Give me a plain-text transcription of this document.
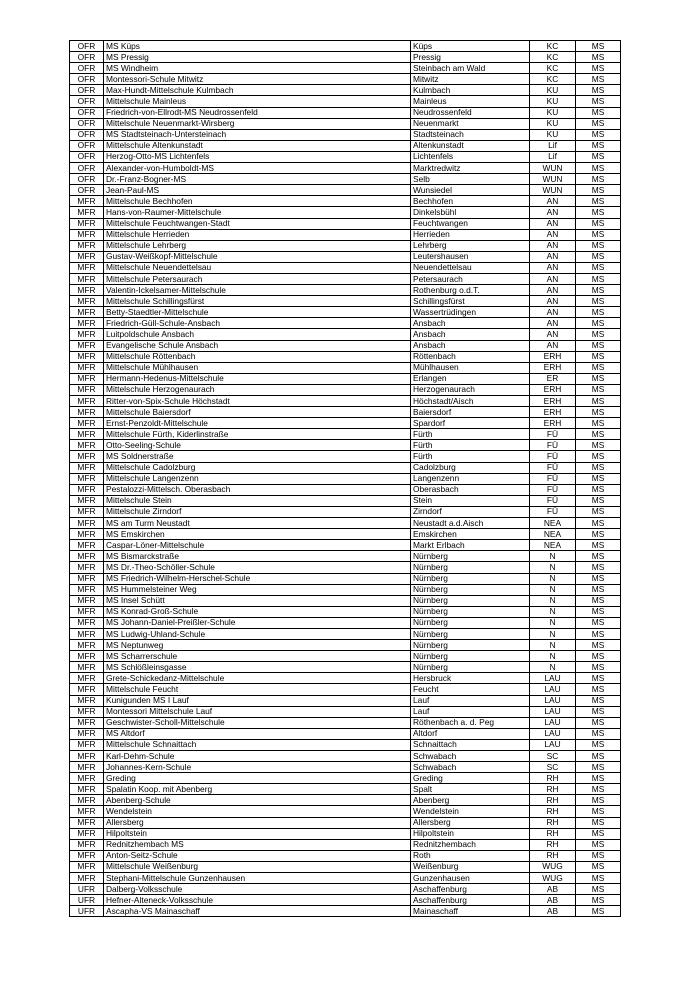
OFR	MS Küps	Küps	KC	MS
OFR	MS Pressig	Pressig	KC	MS
OFR	MS Windheim	Steinbach am Wald	KC	MS
OFR	Montessori-Schule Mitwitz	Mitwitz	KC	MS
OFR	Max-Hundt-Mittelschule Kulmbach	Kulmbach	KU	MS
OFR	Mittelschule Mainleus	Mainleus	KU	MS
OFR	Friedrich-von-Ellrodt-MS Neudrossenfeld	Neudrossenfeld	KU	MS
OFR	Mittelschule Neuenmarkt-Wirsberg	Neuenmarkt	KU	MS
OFR	MS Stadtsteinach-Untersteinach	Stadtsteinach	KU	MS
OFR	Mittelschule Altenkunstadt	Altenkunstadt	Lif	MS
OFR	Herzog-Otto-MS Lichtenfels	Lichtenfels	Lif	MS
OFR	Alexander-von-Humboldt-MS	Marktredwitz	WUN	MS
OFR	Dr.-Franz-Bogner-MS	Selb	WUN	MS
OFR	Jean-Paul-MS	Wunsiedel	WUN	MS
MFR	Mittelschule Bechhofen	Bechhofen	AN	MS
MFR	Hans-von-Raumer-Mittelschule	Dinkelsbühl	AN	MS
MFR	Mittelschule Feuchtwangen-Stadt	Feuchtwangen	AN	MS
MFR	Mittelschule Herrieden	Herrieden	AN	MS
MFR	Mittelschule Lehrberg	Lehrberg	AN	MS
MFR	Gustav-Weißkopf-Mittelschule	Leutershausen	AN	MS
MFR	Mittelschule Neuendettelsau	Neuendettelsau	AN	MS
MFR	Mittelschule Petersaurach	Petersaurach	AN	MS
MFR	Valentin-Ickelsamer-Mittelschule	Rothenburg o.d.T.	AN	MS
MFR	Mittelschule Schillingsfürst	Schillingsfürst	AN	MS
MFR	Betty-Staedtler-Mittelschule	Wassertrüdingen	AN	MS
MFR	Friedrich-Güll-Schule-Ansbach	Ansbach	AN	MS
MFR	Luitpoldschule Ansbach	Ansbach	AN	MS
MFR	Evangelische Schule Ansbach	Ansbach	AN	MS
MFR	Mittelschule Röttenbach	Röttenbach	ERH	MS
MFR	Mittelschule Mühlhausen	Mühlhausen	ERH	MS
MFR	Hermann-Hedenus-Mittelschule	Erlangen	ER	MS
MFR	Mittelschule Herzogenaurach	Herzogenaurach	ERH	MS
MFR	Ritter-von-Spix-Schule Höchstadt	Höchstadt/Aisch	ERH	MS
MFR	Mittelschule Baiersdorf	Baiersdorf	ERH	MS
MFR	Ernst-Penzoldt-Mittelschule	Spardorf	ERH	MS
MFR	Mittelschule Fürth, Kiderlinstraße	Fürth	FÜ	MS
MFR	Otto-Seeling-Schule	Fürth	FÜ	MS
MFR	MS Soldnerstraße	Fürth	FÜ	MS
MFR	Mittelschule Cadolzburg	Cadolzburg	FÜ	MS
MFR	Mittelschule Langenzenn	Langenzenn	FÜ	MS
MFR	Pestalozzi-Mittelsch. Oberasbach	Oberasbach	FÜ	MS
MFR	Mittelschule Stein	Stein	FÜ	MS
MFR	Mittelschule Zirndorf	Zirndorf	FÜ	MS
MFR	MS am Turm Neustadt	Neustadt a.d.Aisch	NEA	MS
MFR	MS Emskirchen	Emskirchen	NEA	MS
MFR	Caspar-Löner-Mittelschule	Markt Erlbach	NEA	MS
MFR	MS Bismarckstraße	Nürnberg	N	MS
MFR	MS Dr.-Theo-Schöller-Schule	Nürnberg	N	MS
MFR	MS Friedrich-Wilhelm-Herschel-Schule	Nürnberg	N	MS
MFR	MS Hummelsteiner Weg	Nürnberg	N	MS
MFR	MS Insel Schütt	Nürnberg	N	MS
MFR	MS Konrad-Groß-Schule	Nürnberg	N	MS
MFR	MS Johann-Daniel-Preißler-Schule	Nürnberg	N	MS
MFR	MS Ludwig-Uhland-Schule	Nürnberg	N	MS
MFR	MS Neptunweg	Nürnberg	N	MS
MFR	MS Scharrerschule	Nürnberg	N	MS
MFR	MS Schlößleinsgasse	Nürnberg	N	MS
MFR	Grete-Schickedanz-Mittelschule	Hersbruck	LAU	MS
MFR	Mittelschule Feucht	Feucht	LAU	MS
MFR	Kunigunden MS I Lauf	Lauf	LAU	MS
MFR	Montessori Mittelschule Lauf	Lauf	LAU	MS
MFR	Geschwister-Scholl-Mittelschule	Röthenbach a. d. Peg	LAU	MS
MFR	MS Altdorf	Altdorf	LAU	MS
MFR	Mittelschule Schnaittach	Schnaittach	LAU	MS
MFR	Karl-Dehm-Schule	Schwabach	SC	MS
MFR	Johannes-Kern-Schule	Schwabach	SC	MS
MFR	Greding	Greding	RH	MS
MFR	Spalatin Koop. mit Abenberg	Spalt	RH	MS
MFR	Abenberg-Schule	Abenberg	RH	MS
MFR	Wendelstein	Wendelstein	RH	MS
MFR	Allersberg	Allersberg	RH	MS
MFR	Hilpoltstein	Hilpoltstein	RH	MS
MFR	Rednitzhembach MS	Rednitzhembach	RH	MS
MFR	Anton-Seitz-Schule	Roth	RH	MS
MFR	Mittelschule Weißenburg	Weißenburg	WUG	MS
MFR	Stephani-Mittelschule Gunzenhausen	Gunzenhausen	WUG	MS
UFR	Dalberg-Volksschule	Aschaffenburg	AB	MS
UFR	Hefner-Alteneck-Volksschule	Aschaffenburg	AB	MS
UFR	Ascapha-VS Mainaschaff	Mainaschaff	AB	MS
